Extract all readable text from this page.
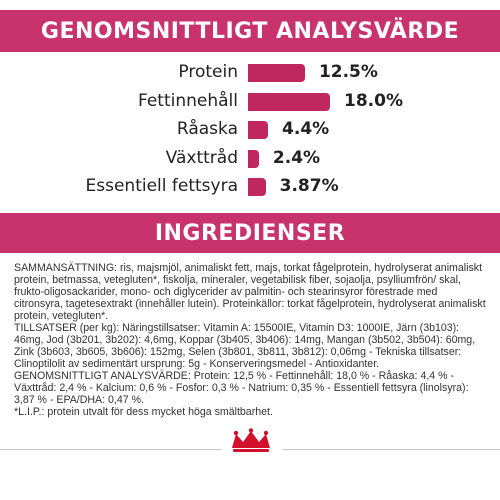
GENOMSNITTLIGT ANALYSVÄRDE
Protein	12.5%
Fettinnehåll	18.0%
Råaska	4.4%
Växttråd 2.4%
Essentiell fettsyra 3.87%
INGREDIENSER

SAMMANSÄTTNING: ris, majsmjöl, animaliskt fett, majs, torkat fågelprotein, hydrolyserat animaliskt protein, betmassa, vetegluten*, fiskolja, mineraler, vegetabilisk fiber, sojaolja, psylliumfrön/ skal, frukto-oligosackarider, mono- och diglycerider av palmitin- och stearinsyror förestrade med citronsyra, tagetesextrakt (innehåller lutein). Proteinkällor: torkat fågelprotein, hydrolyserat animaliskt protein, vetegluten*.

TILLSATSER (per kg): Näringstillsatser: Vitamin A: 15500IE, Vitamin D3: 1000IE, Järn (3b103): 46mg, Jod (3b201, 3b202): 4,6mg, Koppar (3b405, 3b406): 14mg, Mangan (3b502, 3b504): 60mg, Zink (3b603, 3b605, 3b606): 152mg, Selen (3b801, 3b811, 3b812): 0,06mg - Tekniska tillsatser: Clinoptilolit av sedimentärt ursprung: 5g - Konserveringsmedel - Antioxidanter.

GENOMSNITTLIGT ANALYSVÄRDE: Protein: 12,5 % - Fettinnehåll: 18,0 % - Råaska: 4,4 % - Växttråd: 2,4 % - Kalcium: 0,6 % - Fosfor: 0,3 % - Natrium: 0,35 % - Essentiell fettsyra (linolsyra): 3,87 % - EPA/DHA: 0,47 %.

*L.I.P.: protein utvalt för dess mycket höga smältbarhet.
